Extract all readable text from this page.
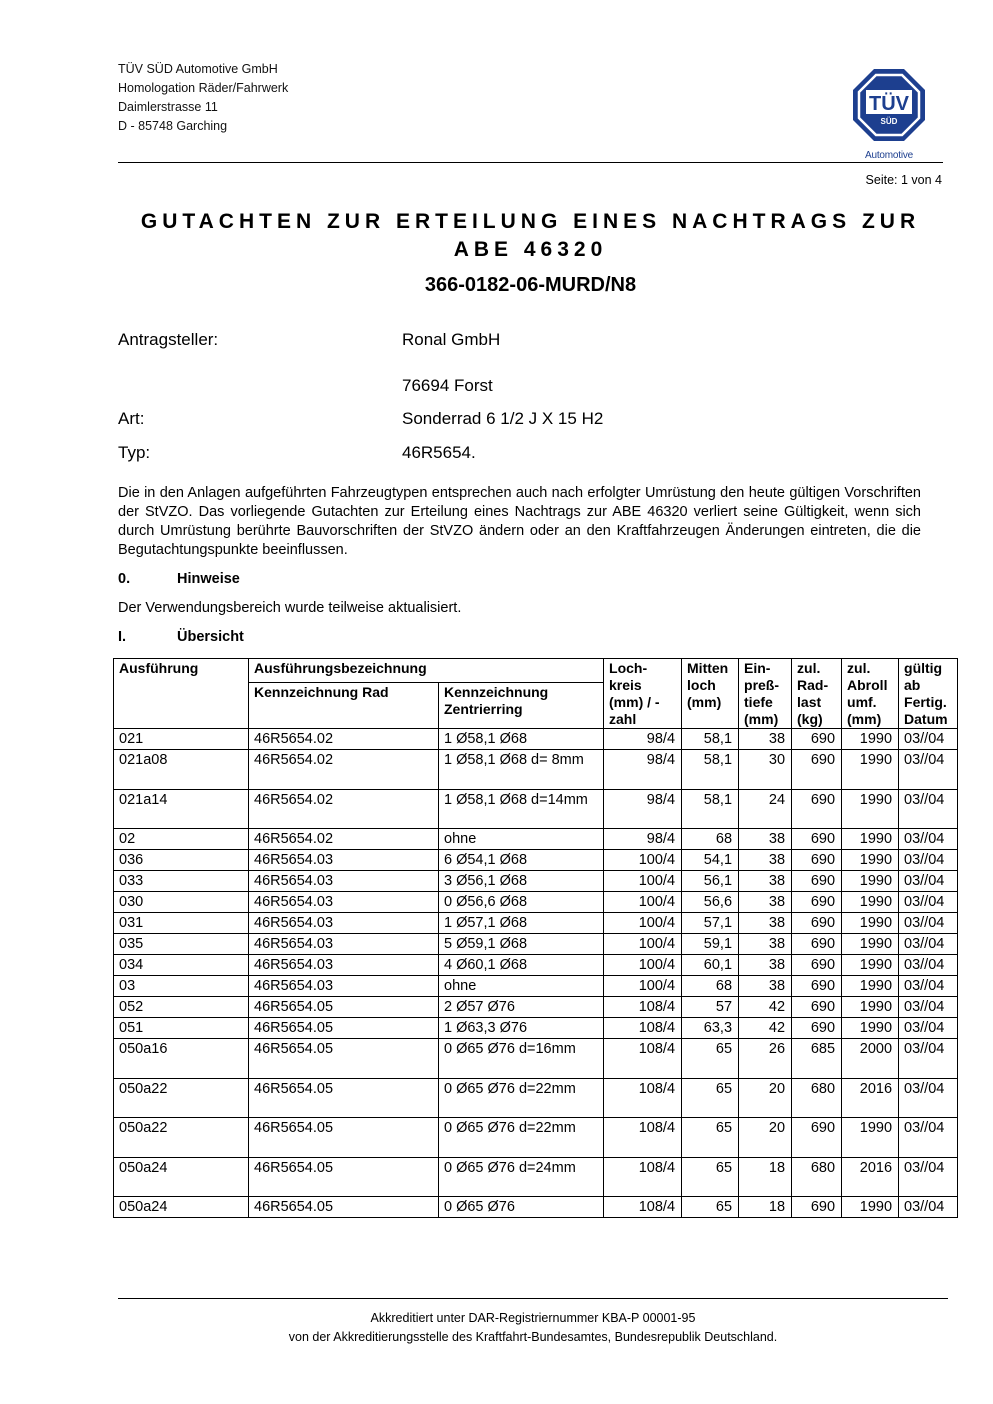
TÜV SÜD Automotive GmbH
Homologation Räder/Fahrwerk
Daimlerstrasse 11
D - 85748 Garching
TÜV
SÜD
Automotive
Seite: 1 von 4
GUTACHTEN ZUR ERTEILUNG EINES NACHTRAGS ZUR
ABE 46320
366-0182-06-MURD/N8
Antragsteller:	Ronal GmbH
76694 Forst
Art:	Sonderrad 6 1/2 J X 15 H2
Typ:	46R5654.
Die in den Anlagen aufgeführten Fahrzeugtypen entsprechen auch nach erfolgter Umrüstung den heute gültigen Vorschriften der StVZO. Das vorliegende Gutachten zur Erteilung eines Nachtrags zur ABE 46320 verliert seine Gültigkeit, wenn sich durch Umrüstung berührte Bauvorschriften der StVZO ändern oder an den Kraftfahrzeugen Änderungen eintreten, die die Begutachtungspunkte beeinflussen.
0.	Hinweise
Der Verwendungsbereich wurde teilweise aktualisiert.
I.	Übersicht
Ausführung	Ausführungsbezeichnung		Loch-kreis (mm) / -zahl	Mitten loch (mm)	Ein-preß-tiefe (mm)	zul. Rad-last (kg)	zul. Abroll umf. (mm)	gültig ab Fertig. Datum
	Kennzeichnung Rad	Kennzeichnung Zentrierring						
021	46R5654.02	1 Ø58,1 Ø68	98/4	58,1	38	690	1990	03//04
021a08	46R5654.02	1 Ø58,1 Ø68 d= 8mm	98/4	58,1	30	690	1990	03//04
021a14	46R5654.02	1 Ø58,1 Ø68 d=14mm	98/4	58,1	24	690	1990	03//04
02	46R5654.02	ohne	98/4	68	38	690	1990	03//04
036	46R5654.03	6 Ø54,1 Ø68	100/4	54,1	38	690	1990	03//04
033	46R5654.03	3 Ø56,1 Ø68	100/4	56,1	38	690	1990	03//04
030	46R5654.03	0 Ø56,6 Ø68	100/4	56,6	38	690	1990	03//04
031	46R5654.03	1 Ø57,1 Ø68	100/4	57,1	38	690	1990	03//04
035	46R5654.03	5 Ø59,1 Ø68	100/4	59,1	38	690	1990	03//04
034	46R5654.03	4 Ø60,1 Ø68	100/4	60,1	38	690	1990	03//04
03	46R5654.03	ohne	100/4	68	38	690	1990	03//04
052	46R5654.05	2 Ø57 Ø76	108/4	57	42	690	1990	03//04
051	46R5654.05	1 Ø63,3 Ø76	108/4	63,3	42	690	1990	03//04
050a16	46R5654.05	0 Ø65 Ø76 d=16mm	108/4	65	26	685	2000	03//04
050a22	46R5654.05	0 Ø65 Ø76 d=22mm	108/4	65	20	680	2016	03//04
050a22	46R5654.05	0 Ø65 Ø76 d=22mm	108/4	65	20	690	1990	03//04
050a24	46R5654.05	0 Ø65 Ø76 d=24mm	108/4	65	18	680	2016	03//04
050a24	46R5654.05	0 Ø65 Ø76	108/4	65	18	690	1990	03//04
Akkreditiert unter DAR-Registriernummer KBA-P 00001-95
von der Akkreditierungsstelle des Kraftfahrt-Bundesamtes, Bundesrepublik Deutschland.
